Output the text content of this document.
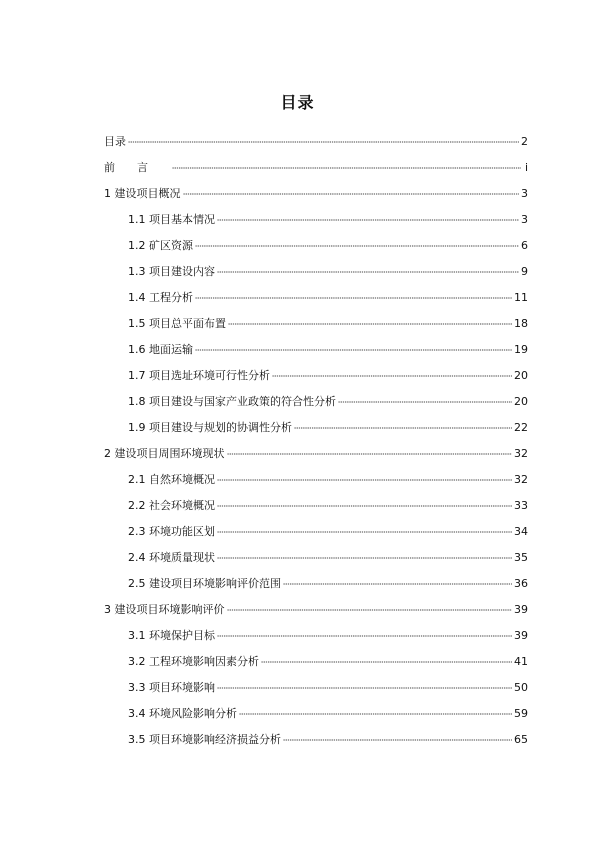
目录
目录	2
前言	i
1 建设项目概况	3
1.1 项目基本情况	3
1.2 矿区资源	6
1.3 项目建设内容	9
1.4 工程分析	11
1.5 项目总平面布置	18
1.6 地面运输	19
1.7 项目选址环境可行性分析	20
1.8 项目建设与国家产业政策的符合性分析	20
1.9 项目建设与规划的协调性分析	22
2 建设项目周围环境现状	32
2.1 自然环境概况	32
2.2 社会环境概况	33
2.3 环境功能区划	34
2.4 环境质量现状	35
2.5 建设项目环境影响评价范围	36
3 建设项目环境影响评价	39
3.1 环境保护目标	39
3.2 工程环境影响因素分析	41
3.3 项目环境影响	50
3.4 环境风险影响分析	59
3.5 项目环境影响经济损益分析	65
